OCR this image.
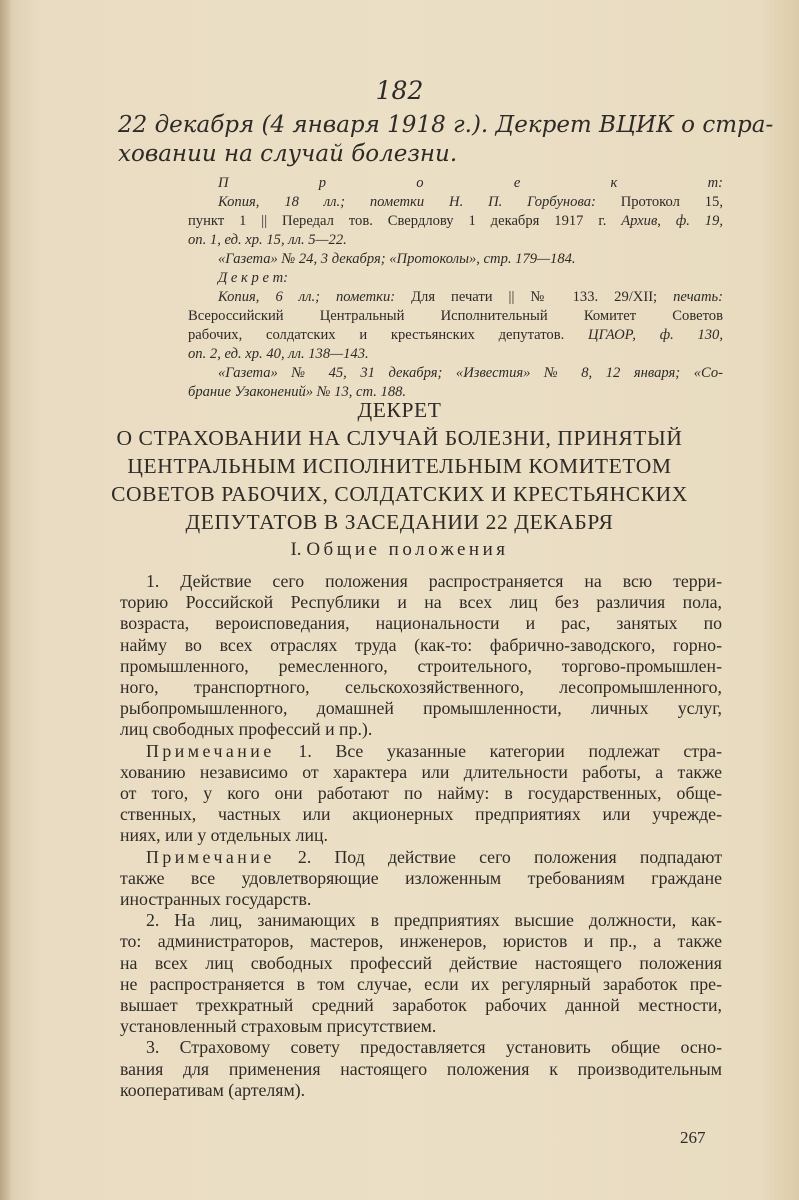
182
22 декабря (4 января 1918 г.). Декрет ВЦИК о стра-
ховании на случай болезни.
П р о е к т:
Копия, 18 лл.; пометки Н. П. Горбунова: Протокол 15,
пункт 1 || Передал тов. Свердлову 1 декабря 1917 г. Архив, ф. 19,
оп. 1, ед. хр. 15, лл. 5—22.
«Газета» № 24, 3 декабря; «Протоколы», стр. 179—184.
Д е к р е т:
Копия, 6 лл.; пометки: Для печати || № 133. 29/XII; печать:
Всероссийский Центральный Исполнительный Комитет Советов
рабочих, солдатских и крестьянских депутатов. ЦГАОР, ф. 130,
оп. 2, ед. хр. 40, лл. 138—143.
«Газета» № 45, 31 декабря; «Известия» № 8, 12 января; «Со-
брание Узаконений» № 13, ст. 188.
ДЕКРЕТ
О СТРАХОВАНИИ НА СЛУЧАЙ БОЛЕЗНИ, ПРИНЯТЫЙ
ЦЕНТРАЛЬНЫМ ИСПОЛНИТЕЛЬНЫМ КОМИТЕТОМ
СОВЕТОВ РАБОЧИХ, СОЛДАТСКИХ И КРЕСТЬЯНСКИХ
ДЕПУТАТОВ В ЗАСЕДАНИИ 22 ДЕКАБРЯ
I. Общие положения
1. Действие сего положения распространяется на всю терри-
торию Российской Республики и на всех лиц без различия пола,
возраста, вероисповедания, национальности и рас, занятых по
найму во всех отраслях труда (как-то: фабрично-заводского, горно-
промышленного, ремесленного, строительного, торгово-промышлен-
ного, транспортного, сельскохозяйственного, лесопромышленного,
рыбопромышленного, домашней промышленности, личных услуг,
лиц свободных профессий и пр.).
Примечание 1. Все указанные категории подлежат стра-
хованию независимо от характера или длительности работы, а также
от того, у кого они работают по найму: в государственных, обще-
ственных, частных или акционерных предприятиях или учрежде-
ниях, или у отдельных лиц.
Примечание 2. Под действие сего положения подпадают
также все удовлетворяющие изложенным требованиям граждане
иностранных государств.
2. На лиц, занимающих в предприятиях высшие должности, как-
то: администраторов, мастеров, инженеров, юристов и пр., а также
на всех лиц свободных профессий действие настоящего положения
не распространяется в том случае, если их регулярный заработок пре-
вышает трехкратный средний заработок рабочих данной местности,
установленный страховым присутствием.
3. Страховому совету предоставляется установить общие осно-
вания для применения настоящего положения к производительным
кооперативам (артелям).
267
